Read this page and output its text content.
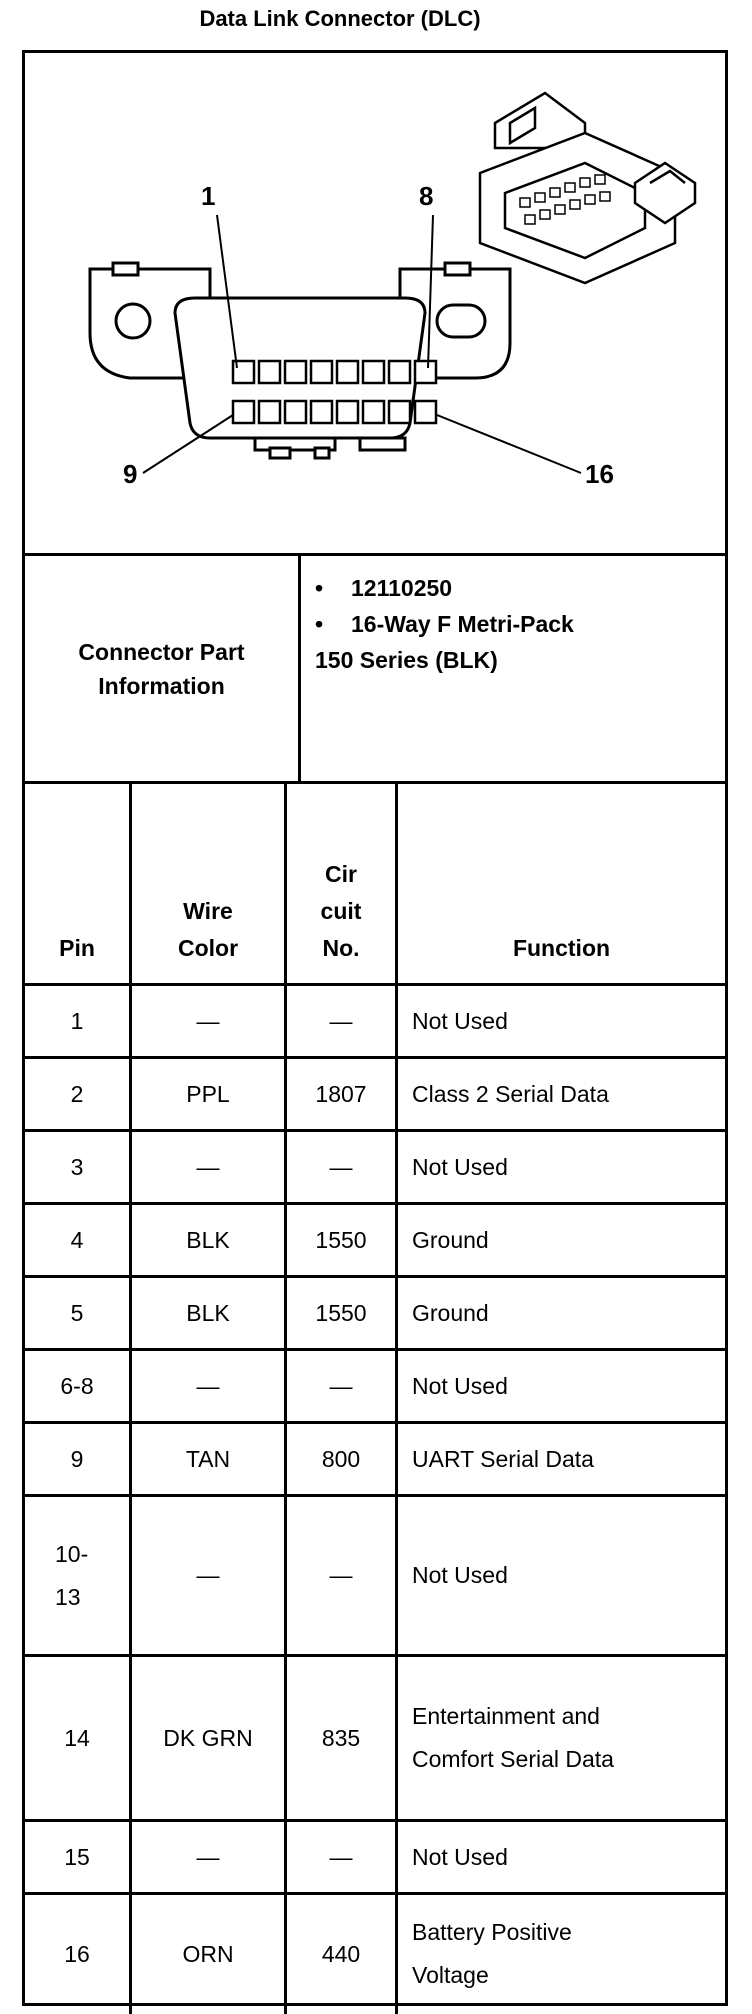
Data Link Connector (DLC)
1	8
9	16
Connector Part Information
• 12110250
• 16-Way F Metri-Pack
150 Series (BLK)
Pin	Wire Color	Cir cuit No.	Function
1	—	—	Not Used
2	PPL	1807	Class 2 Serial Data
3	—	—	Not Used
4	BLK	1550	Ground
5	BLK	1550	Ground
6-8	—	—	Not Used
9	TAN	800	UART Serial Data

10-13	—	—	Not Used
14	DK GRN	835	Entertainment and Comfort Serial Data

15	—	—	Not Used
16	ORN	440	Battery Positive Voltage
